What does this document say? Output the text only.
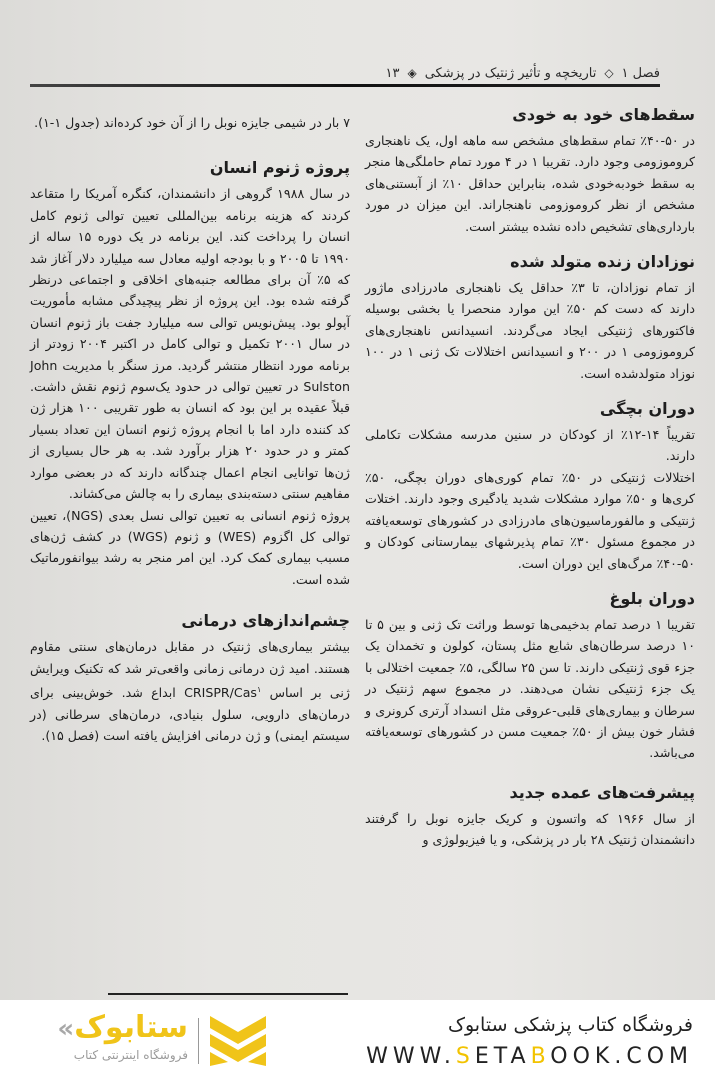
فصل ۱
◇
تاریخچه و تأثیر ژنتیک در پزشکی
◈
۱۳
سقط‌های خود به خودی

در ۵۰-۴۰٪ تمام سقط‌های مشخص سه ماهه اول، یک ناهنجاری کروموزومی وجود دارد. تقریبا ۱ در ۴ مورد تمام حاملگی‌ها منجر به سقط خودبه‌خودی شده، بنابراین حداقل ۱۰٪ از آبستنی‌های مشخص از نظر کروموزومی ناهنجاراند. این میزان در مورد بارداری‌های تشخیص داده نشده بیشتر است.

نوزادان زنده متولد شده

از تمام نوزادان، تا ۳٪ حداقل یک ناهنجاری مادرزادی ماژور دارند که دست کم ۵۰٪ این موارد منحصرا یا بخشی بوسیله فاکتورهای ژنتیکی ایجاد می‌گردند. انسیدانس ناهنجاری‌های کروموزومی ۱ در ۲۰۰ و انسیدانس اختلالات تک ژنی ۱ در ۱۰۰ نوزاد متولدشده است.

دوران بچگی

تقریباً ۱۴-۱۲٪ از کودکان در سنین مدرسه مشکلات تکاملی دارند.

اختلالات ژنتیکی در ۵۰٪ تمام کوری‌های دوران بچگی، ۵۰٪ کری‌ها و ۵۰٪ موارد مشکلات شدید یادگیری وجود دارند. اختلات ژنتیکی و مالفورماسیون‌های مادرزادی در کشورهای توسعه‌یافته در مجموع مسئول ۳۰٪ تمام پذیرشهای بیمارستانی کودکان و ۵۰-۴۰٪ مرگ‌های این دوران است.

دوران بلوغ

تقریبا ۱ درصد تمام بدخیمی‌ها توسط وراثت تک ژنی و بین ۵ تا ۱۰ درصد سرطان‌های شایع مثل پستان، کولون و تخمدان یک جزء قوی ژنتیکی دارند. تا سن ۲۵ سالگی، ۵٪ جمعیت اختلالی با یک جزء ژنتیکی نشان می‌دهند. در مجموع سهم ژنتیک در سرطان و بیماری‌های قلبی-عروقی مثل انسداد آرتری کرونری و فشار خون بیش از ۵۰٪ جمعیت مسن در کشورهای توسعه‌یافته می‌باشد.

پیشرفت‌های عمده جدید

از سال ۱۹۶۶ که واتسون و کریک جایزه نوبل را گرفتند دانشمندان ژنتیک ۲۸ بار در پزشکی، و یا فیزیولوژی و

۷ بار در شیمی جایزه نوبل را از آن خود کرده‌اند (جدول ۱-۱).

پروژه ژنوم انسان

در سال ۱۹۸۸ گروهی از دانشمندان، کنگره آمریکا را متقاعد کردند که هزینه برنامه بین‌المللی تعیین توالی ژنوم کامل انسان را پرداخت کند. این برنامه در یک دوره ۱۵ ساله از ۱۹۹۰ تا ۲۰۰۵ و با بودجه اولیه معادل سه میلیارد دلار آغاز شد که ۵٪ آن برای مطالعه جنبه‌های اخلاقی و اجتماعی درنظر گرفته شده بود. این پروژه از نظر پیچیدگی مشابه مأموریت آپولو بود. پیش‌نویس توالی سه میلیارد جفت باز ژنوم انسان در سال ۲۰۰۱ تکمیل و توالی کامل در اکتبر ۲۰۰۴ زودتر از برنامه مورد انتظار منتشر گردید. مرز سنگر با مدیریت John Sulston در تعیین توالی در حدود یک‌سوم ژنوم نقش داشت. قبلاً عقیده بر این بود که انسان به طور تقریبی ۱۰۰ هزار ژن کد کننده دارد اما با انجام پروژه ژنوم انسان این تعداد بسیار کمتر و در حدود ۲۰ هزار برآورد شد. به هر حال بسیاری از ژن‌ها توانایی انجام اعمال چندگانه دارند که در بعضی موارد مفاهیم سنتی دسته‌بندی بیماری را به چالش می‌کشاند.

پروژه ژنوم انسانی به تعیین توالی نسل بعدی (NGS)، تعیین توالی کل اگزوم (WES) و ژنوم (WGS) در کشف ژن‌های مسبب بیماری کمک کرد. این امر منجر به رشد بیوانفورماتیک شده است.

چشم‌اندازهای درمانی

بیشتر بیماری‌های ژنتیک در مقابل درمان‌های سنتی مقاوم هستند. امید ژن درمانی زمانی واقعی‌تر شد که تکنیک ویرایش ژنی بر اساس CRISPR/Cas$^۱$ ابداع شد. خوش‌بینی برای درمان‌های دارویی، سلول بنیادی، درمان‌های سرطانی (در سیستم ایمنی) و ژن درمانی افزایش یافته است (فصل ۱۵).

«ستابوک
فروشگاه اینترنتی کتاب
فروشگاه کتاب پزشکی ستابوک
WWW.SETABOOK.COM
